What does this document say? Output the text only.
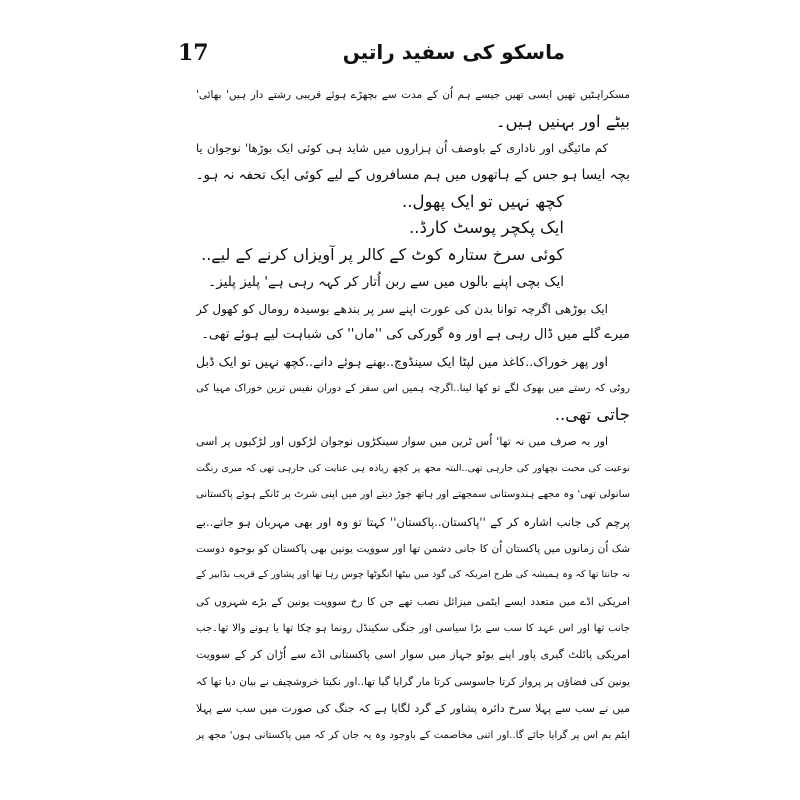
17	ماسکو کی سفید راتیں
مسکراہٹیں تھیں ایسی تھیں جیسے ہم اُن کے مدت سے بچھڑے ہوئے قریبی رشتے دار ہیں' بھائی'
بیٹے اور بہنیں ہیں۔
کم مائیگی اور ناداری کے باوصف اُن ہزاروں میں شاید ہی کوئی ایک بوڑھا' نوجوان یا
بچہ ایسا ہو جس کے ہاتھوں میں ہم مسافروں کے لیے کوئی ایک تحفہ نہ ہو۔
کچھ نہیں تو ایک پھول..
ایک پکچر پوسٹ کارڈ..
کوئی سرخ ستارہ کوٹ کے کالر پر آویزاں کرنے کے لیے..
ایک بچی اپنے بالوں میں سے ربن اُتار کر کہہ رہی ہے' پلیز پلیز۔
ایک بوڑھی اگرچہ توانا بدن کی عورت اپنے سر پر بندھے بوسیدہ رومال کو کھول کر
میرے گلے میں ڈال رہی ہے اور وہ گورکی کی ''ماں'' کی شباہت لیے ہوئے تھی۔
اور پھر خوراک..کاغذ میں لپٹا ایک سینڈوچ..بھنے ہوئے دانے..کچھ نہیں تو ایک ڈبل
روٹی کہ رستے میں بھوک لگے تو کھا لینا..اگرچہ ہمیں اس سفر کے دوران نفیس ترین خوراک مہیا کی
جاتی تھی..
اور یہ صرف میں نہ تھا' اُس ٹرین میں سوار سینکڑوں نوجوان لڑکوں اور لڑکیوں پر اسی
نوعیت کی محبت نچھاور کی جارہی تھی..البتہ مجھ پر کچھ زیادہ ہی عنایت کی جارہی تھی کہ میری رنگت
سانولی تھی' وہ مجھے ہندوستانی سمجھتے اور ہاتھ جوڑ دیتے اور میں اپنی شرٹ پر ٹانکے ہوئے پاکستانی
پرچم کی جانب اشارہ کر کے ''پاکستان..پاکستان'' کہتا تو وہ اور بھی مہربان ہو جاتے..بے
شک اُن زمانوں میں پاکستان اُن کا جانی دشمن تھا اور سوویت یونین بھی پاکستان کو بوجوہ دوست
نہ جانتا تھا کہ وہ ہمیشہ کی طرح امریکہ کی گود میں بیٹھا انگوٹھا چوس رہا تھا اور پشاور کے قریب بڈابیر کے
امریکی اڈے میں متعدد ایسے ایٹمی میزائل نصب تھے جن کا رخ سوویت یونین کے بڑے شہروں کی
جانب تھا اور اس عہد کا سب سے بڑا سیاسی اور جنگی سکینڈل رونما ہو چکا تھا یا ہونے والا تھا۔جب
امریکی پائلٹ گیری پاور اپنے یوٹو جہاز میں سوار اسی پاکستانی اڈے سے اُڑان کر کے سوویت
یونین کی فضاؤں پر پرواز کرتا جاسوسی کرتا مار گرایا گیا تھا..اور نکیتا خروشچیف نے بیان دیا تھا کہ
میں نے سب سے پہلا سرخ دائرہ پشاور کے گرد لگایا ہے کہ جنگ کی صورت میں سب سے پہلا
ایٹم بم اس پر گرایا جائے گا..اور اتنی مخاصمت کے باوجود وہ یہ جان کر کہ میں پاکستانی ہوں' مجھ پر
